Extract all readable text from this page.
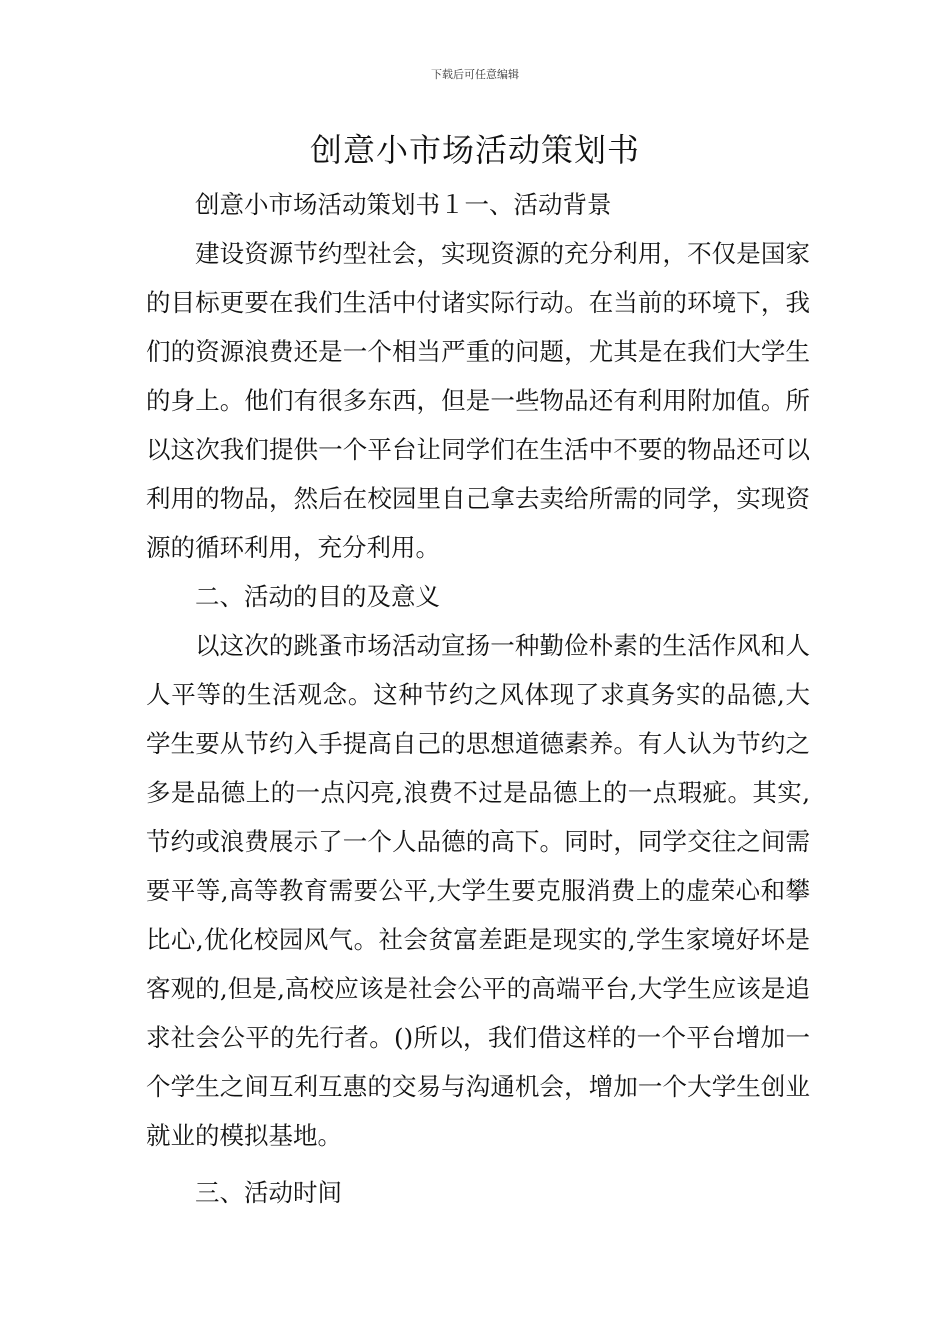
下载后可任意编辑
创意小市场活动策划书

创意小市场活动策划书１一、活动背景

建设资源节约型社会，实现资源的充分利用，不仅是国家的目标更要在我们生活中付诸实际行动。在当前的环境下，我们的资源浪费还是一个相当严重的问题，尤其是在我们大学生的身上。他们有很多东西，但是一些物品还有利用附加值。所以这次我们提供一个平台让同学们在生活中不要的物品还可以利用的物品，然后在校园里自己拿去卖给所需的同学，实现资源的循环利用，充分利用。

二、活动的目的及意义

以这次的跳蚤市场活动宣扬一种勤俭朴素的生活作风和人人平等的生活观念。这种节约之风体现了求真务实的品德,大学生要从节约入手提高自己的思想道德素养。有人认为节约之多是品德上的一点闪亮,浪费不过是品德上的一点瑕疵。其实,节约或浪费展示了一个人品德的高下。同时，同学交往之间需要平等,高等教育需要公平,大学生要克服消费上的虚荣心和攀比心,优化校园风气。社会贫富差距是现实的,学生家境好坏是客观的,但是,高校应该是社会公平的高端平台,大学生应该是追求社会公平的先行者。()所以，我们借这样的一个平台增加一个学生之间互利互惠的交易与沟通机会，增加一个大学生创业就业的模拟基地。

三、活动时间
